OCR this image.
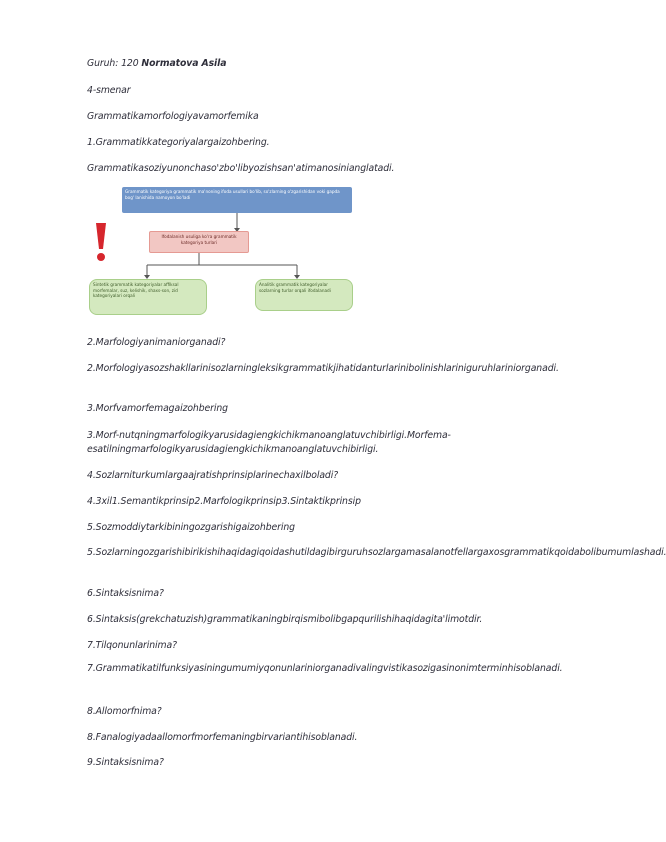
Guruh: 120 Normatova Asila
4-smenar
Grammatikamorfologiyavamorfemika
1.Grammatikkategoriyalargaizohbering.
Grammatikasoziyunonchaso'zbo'libyozishsan'atimanosinianglatadi.
Grammatik kategoriya grammatik ma'noning ifoda usullari bo'lib, so'zlarning o'zgarishidan voki gapda bog' lanishida namoyon bo'ladi
Ifodalanish usuliga ko'ra grammatik kategoriya turlari
Sintetik grammatik kategoriyalar affiksal morfemalar, suz, kelishik, shaxs-son, zid kategoriyalari orqali
Analitik grammatik kategoriyalar sozlarning turlar orqali ifodalanadi
2.Marfologiyanimaniorganadi?
2.Morfologiyasozshakllarinisozlarningleksikgrammatikjihatidanturlarinibolinishlariniguruhlariniorganadi.
3.Morfvamorfemagaizohbering
3.Morf-nutqningmarfologikyarusidagiengkichikmanoanglatuvchibirligi.Morfema-esatilningmarfologikyarusidagiengkichikmanoanglatuvchibirligi.
4.Sozlarniturkumlargaajratishprinsiplarinechaxilboladi?
4.3xil1.Semantikprinsip2.Marfologikprinsip3.Sintaktikprinsip
5.Sozmoddiytarkibiningozgarishigaizohbering
5.Sozlarningozgarishibirikishihaqidagiqoidashutildagibirguruhsozlargamasalanotfellargaxosgrammatikqoidabolibumumlashadi.
6.Sintaksisnima?
6.Sintaksis(grekchatuzish)grammatikaningbirqismibolibgapqurilishihaqidagita'limotdir.
7.Tilqonunlarinima?
7.Grammatikatilfunksiyasiningumumiyqonunlariniorganadivalingvistikasozigasinonimterminhisoblanadi.
8.Allomorfnima?
8.Fanalogiyadaallomorfmorfemaningbirvariantihisoblanadi.
9.Sintaksisnima?
